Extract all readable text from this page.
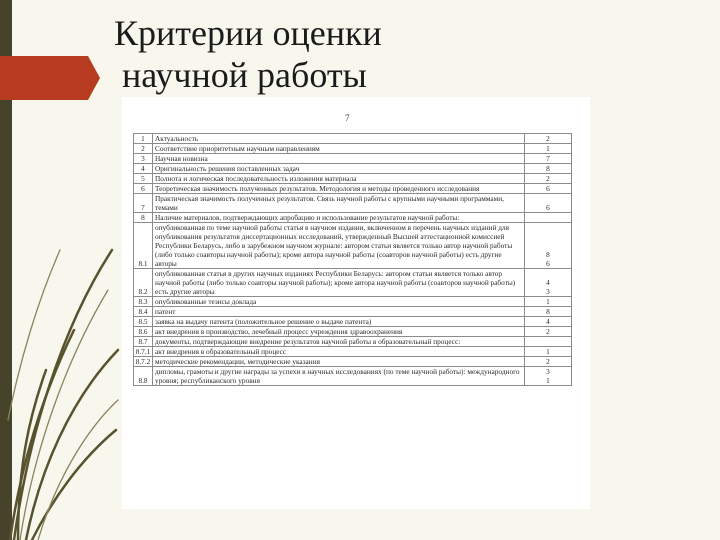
Критерии оценки
научной работы
7
1	Актуальность	2
2	Соответствие приоритетным научным направлениям	1
3	Научная новизна	7
4	Оригинальность решения поставленных задач	8
5	Полнота и логическая последовательность изложения материала	2
6	Теоретическая значимость полученных результатов. Методология и методы проведенного исследования	6
7	Практическая значимость полученных результатов. Связь научной работы с крупными научными программами, темами	6
8	Наличие материалов, подтверждающих апробацию и использование результатов научной работы:	
8.1	опубликованная по теме научной работы статья в научном издании, включенном в перечень научных изданий для опубликования результатов диссертационных исследований, утвержденный Высшей аттестационной комиссией Республики Беларусь, либо в зарубежном научном журнале: автором статьи является только автор научной работы (либо только соавторы научной работы); кроме автора научной работы (соавторов научной работы) есть другие авторы	8
6
8.2	опубликованная статья в других научных изданиях Республики Беларусь: автором статьи является только автор научной работы (либо только соавторы научной работы); кроме автора научной работы (соавторов научной работы) есть другие авторы	4
3
8.3	опубликованные тезисы доклада	1
8.4	патент	8
8.5	заявка на выдачу патента (положительное решение о выдаче патента)	4
8.6	акт внедрения в производство, лечебный процесс учреждения здравоохранения	2
8.7	документы, подтверждающие внедрение результатов научной работы в образовательный процесс:	
8.7.1	акт внедрения в образовательный процесс	1
8.7.2	методические рекомендации, методические указания	2
8.8	дипломы, грамоты и другие награды за успехи в научных исследованиях (по теме научной работы): международного уровня; республиканского уровня	3
1
